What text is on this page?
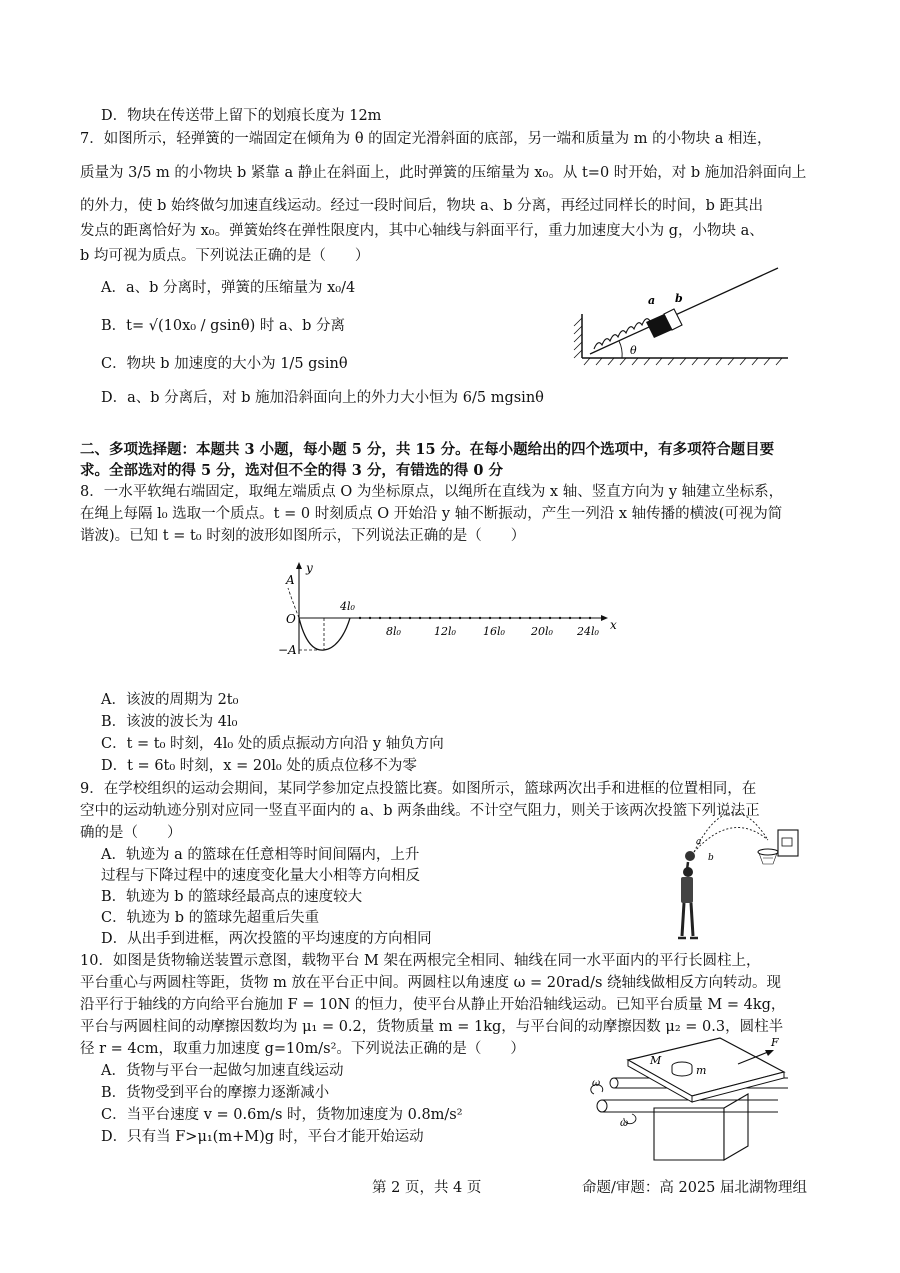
D．物块在传送带上留下的划痕长度为 12m
7．如图所示，轻弹簧的一端固定在倾角为 θ 的固定光滑斜面的底部，另一端和质量为 m 的小物块 a 相连，
质量为 3/5 m 的小物块 b 紧靠 a 静止在斜面上，此时弹簧的压缩量为 x₀。从 t=0 时开始，对 b 施加沿斜面向上
的外力，使 b 始终做匀加速直线运动。经过一段时间后，物块 a、b 分离，再经过同样长的时间，b 距其出
发点的距离恰好为 x₀。弹簧始终在弹性限度内，其中心轴线与斜面平行，重力加速度大小为 g，小物块 a、
b 均可视为质点。下列说法正确的是（　　）
A．a、b 分离时，弹簧的压缩量为 x₀/4
B．t= √(10x₀ / gsinθ) 时 a、b 分离
C．物块 b 加速度的大小为 1/5 gsinθ
D．a、b 分离后，对 b 施加沿斜面向上的外力大小恒为 6/5 mgsinθ
二、多项选择题：本题共 3 小题，每小题 5 分，共 15 分。在每小题给出的四个选项中，有多项符合题目要
求。全部选对的得 5 分，选对但不全的得 3 分，有错选的得 0 分
8．一水平软绳右端固定，取绳左端质点 O 为坐标原点，以绳所在直线为 x 轴、竖直方向为 y 轴建立坐标系，
在绳上每隔 l₀ 选取一个质点。t = 0 时刻质点 O 开始沿 y 轴不断振动，产生一列沿 x 轴传播的横波(可视为简
谐波)。已知 t = t₀ 时刻的波形如图所示，下列说法正确的是（　　）
A．该波的周期为 2t₀
B．该波的波长为 4l₀
C．t = t₀ 时刻，4l₀ 处的质点振动方向沿 y 轴负方向
D．t = 6t₀ 时刻，x = 20l₀ 处的质点位移不为零
9．在学校组织的运动会期间，某同学参加定点投篮比赛。如图所示，篮球两次出手和进框的位置相同，在
空中的运动轨迹分别对应同一竖直平面内的 a、b 两条曲线。不计空气阻力，则关于该两次投篮下列说法正
确的是（　　）
A．轨迹为 a 的篮球在任意相等时间间隔内，上升
过程与下降过程中的速度变化量大小相等方向相反
B．轨迹为 b 的篮球经最高点的速度较大
C．轨迹为 b 的篮球先超重后失重
D．从出手到进框，两次投篮的平均速度的方向相同
10．如图是货物输送装置示意图，载物平台 M 架在两根完全相同、轴线在同一水平面内的平行长圆柱上，
平台重心与两圆柱等距，货物 m 放在平台正中间。两圆柱以角速度 ω = 20rad/s 绕轴线做相反方向转动。现
沿平行于轴线的方向给平台施加 F = 10N 的恒力，使平台从静止开始沿轴线运动。已知平台质量 M = 4kg，
平台与两圆柱间的动摩擦因数均为 μ₁ = 0.2，货物质量 m = 1kg，与平台间的动摩擦因数 μ₂ = 0.3，圆柱半
径 r = 4cm，取重力加速度 g=10m/s²。下列说法正确的是（　　）
A．货物与平台一起做匀加速直线运动
B．货物受到平台的摩擦力逐渐减小
C．当平台速度 v = 0.6m/s 时，货物加速度为 0.8m/s²
D．只有当 F>μ₁(m+M)g 时，平台才能开始运动
第 2 页，共 4 页	命题/审题：高 2025 届北湖物理组
a b
θ
y
x
A
−A
O
4l₀
8l₀	12l₀ 16l₀ 20l₀ 24l₀
a
b
M
m
F
ω
ω
